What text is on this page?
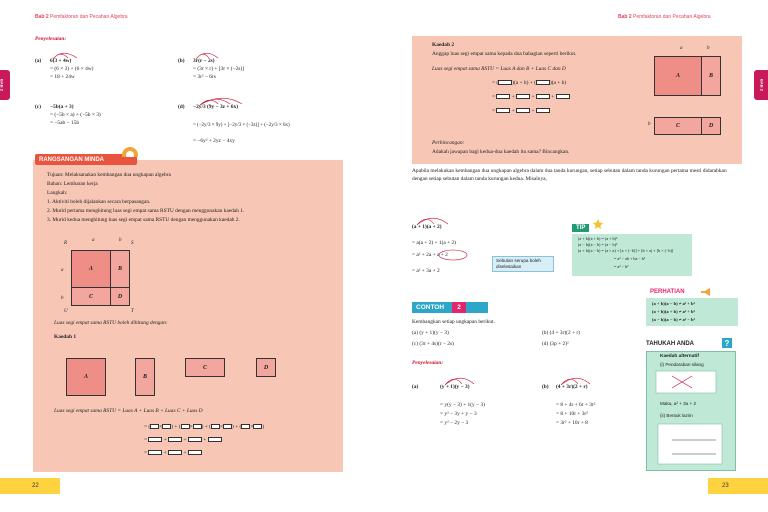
Bab 2 Pemfaktoran dan Pecahan Algebra
BAB 2
Penyelesaian:
(a) 6(3 + 4w)
= (6 × 3) + (6 × 4w)
= 18 + 24w
(b) 3r(r − 2s)
= (3r × r) + [3r × (−2s)]
= 3r² − 6rs
(c) −5b(a + 3)
= (−5b × a) + (−5b × 3)
= −5ab − 15b
(d) −2y/3 (9y − 3z + 6x)
= (−2y/3 × 9y) + [−2y/3 × (−3z)] + (−2y/3 × 6x)
= −6y² + 2yz − 4xy
RANGSANGAN MINDA
Tujuan: Melaksanakan kembangan dua ungkapan algebra
Bahan: Lembaran kerja
Langkah:
1. Aktiviti boleh dijalankan secara berpasangan.
2. Murid pertama menghitung luas segi empat sama RSTU dengan menggunakan kaedah 1.
3. Murid kedua menghitung luas segi empat sama RSTU dengan menggunakan kaedah 2.
R	S
U	T
a	b
a
b
A	B
C	D
Luas segi empat sama RSTU boleh dihitung dengan:
Kaedah 1
A	B
C	D
Luas segi empat sama RSTU = Luas A + Luas B + Luas C + Luas D
= ( × ) + ( × ) + ( × ) + ( × )
=	+	+	+
=	+	+
22
Bab 2 Pemfaktoran dan Pecahan Algebra
BAB 2
Kaedah 2
Anggap luas segi empat sama kepada dua bahagian seperti berikut.
Luas segi empat sama RSTU = Luas A dan B + Luas C dan D
= (	)(a + b) + (	)(a + b)
=	+	+	+
=	+	+
a	b
A	B
b	C	D
Perbincangan:
Adakah jawapan bagi kedua-dua kaedah itu sama? Bincangkan.
Apabila melakukan kembangan dua ungkapan algebra dalam dua tanda kurungan, setiap sebutan dalam tanda kurungan pertama mesti didarabkan dengan setiap sebutan dalam tanda kurungan kedua. Misalnya,
(a + 1)(a + 2)
= a(a + 2) + 1(a + 2)
= a² + 2a + a + 2
= a² + 3a + 2
Sebutan serupa boleh diselesaikan
TIP
(a + b)(a + b) = (a + b)²
(a − b)(a − b) = (a − b)²
(a + b)(a − b) = (a × a) + [a × (−b)] + (b × a) + [b × (−b)]
= a² − ab + ba − b²
= a² − b²
PERHATIAN
(a + b)(a − b) ≠ a² + b²
(a + b)(a + b) ≠ a² + b²
(a − b)(a − b) ≠ a² − b²
CONTOH	2
Kembangkan setiap ungkapan berikut.
(a) (y + 1)(y − 3)	(b) (4 + 3r)(2 + r)
(c) (3r + 4s)(r − 2s)	(d) (3p + 2)²
Penyelesaian:
(a)	(y + 1)(y − 3)
= y(y − 3) + 1(y − 3)
= y² − 3y + y − 3
= y² − 2y − 3
(b) (4 + 3r)(2 + r)
= 8 + 4r + 6r + 3r²
= 8 + 10r + 3r²
= 3r² + 10r + 8
TAHUKAH ANDA	?
Kaedah alternatif
(i) Pendaraban silang
Maka, a² + 3a + 2
(ii) Bentuk lazim
23
